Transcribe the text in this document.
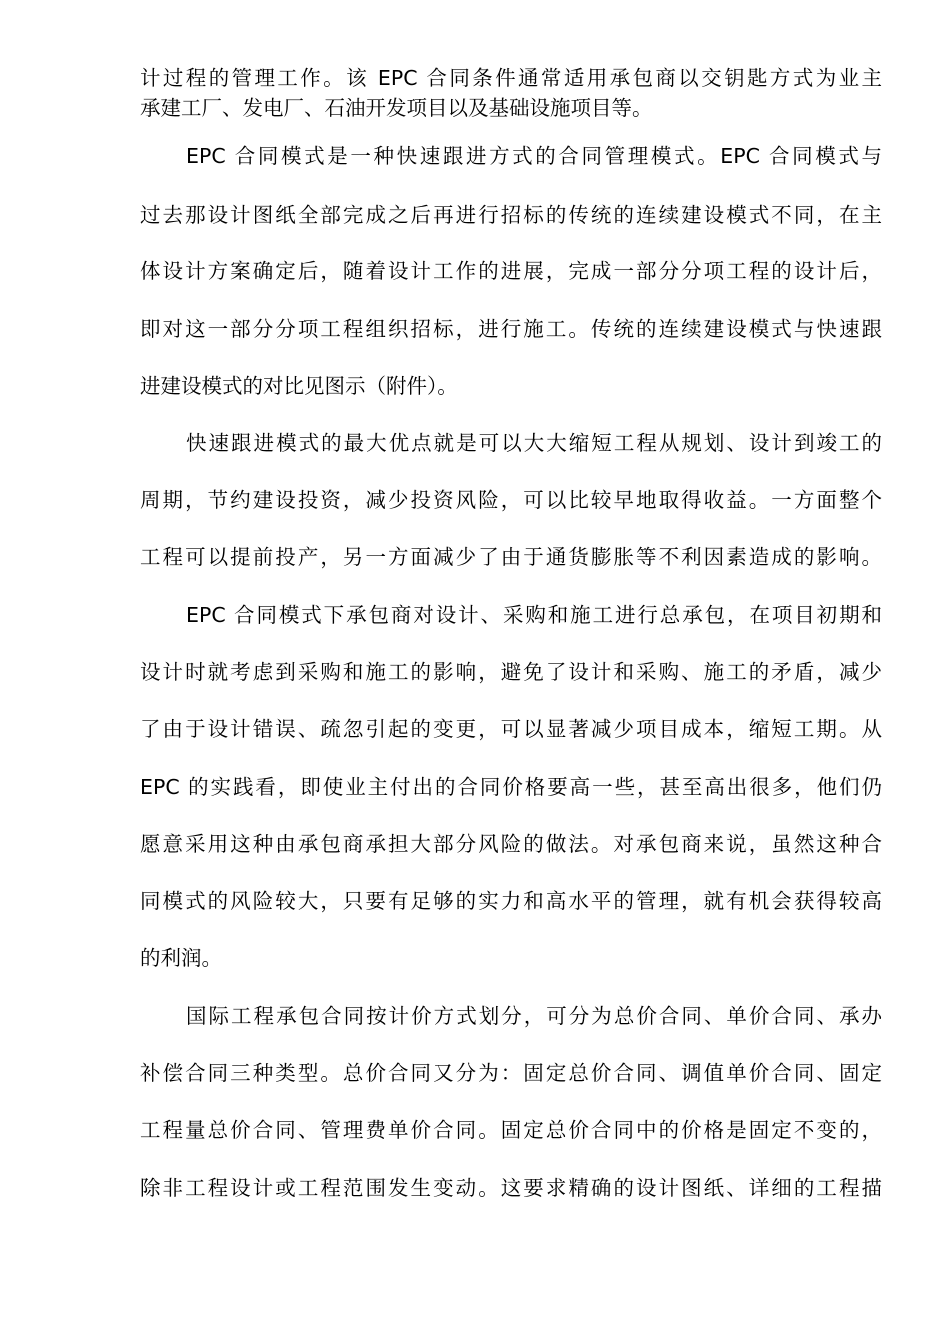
计过程的管理工作。该 EPC 合同条件通常适用承包商以交钥匙方式为业主
承建工厂、发电厂、石油开发项目以及基础设施项目等。
EPC 合同模式是一种快速跟进方式的合同管理模式。EPC 合同模式与
过去那设计图纸全部完成之后再进行招标的传统的连续建设模式不同，在主
体设计方案确定后，随着设计工作的进展，完成一部分分项工程的设计后，
即对这一部分分项工程组织招标，进行施工。传统的连续建设模式与快速跟
进建设模式的对比见图示（附件）。
快速跟进模式的最大优点就是可以大大缩短工程从规划、设计到竣工的
周期，节约建设投资，减少投资风险，可以比较早地取得收益。一方面整个
工程可以提前投产，另一方面减少了由于通货膨胀等不利因素造成的影响。
EPC 合同模式下承包商对设计、采购和施工进行总承包，在项目初期和
设计时就考虑到采购和施工的影响，避免了设计和采购、施工的矛盾，减少
了由于设计错误、疏忽引起的变更，可以显著减少项目成本，缩短工期。从
EPC 的实践看，即使业主付出的合同价格要高一些，甚至高出很多，他们仍
愿意采用这种由承包商承担大部分风险的做法。对承包商来说，虽然这种合
同模式的风险较大，只要有足够的实力和高水平的管理，就有机会获得较高
的利润。
国际工程承包合同按计价方式划分，可分为总价合同、单价合同、承办
补偿合同三种类型。总价合同又分为：固定总价合同、调值单价合同、固定
工程量总价合同、管理费单价合同。固定总价合同中的价格是固定不变的，
除非工程设计或工程范围发生变动。这要求精确的设计图纸、详细的工程描
